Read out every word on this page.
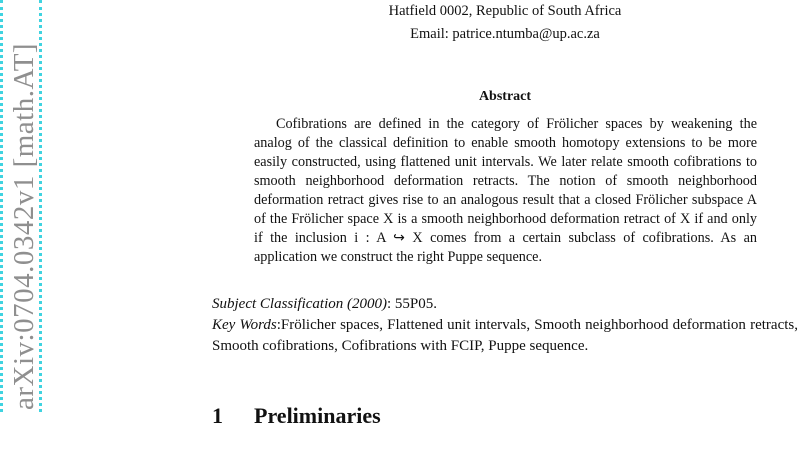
arXiv:0704.0342v1 [math.AT]
Hatfield 0002, Republic of South Africa
Email: patrice.ntumba@up.ac.za
Abstract

Cofibrations are defined in the category of Frölicher spaces by weakening the analog of the classical definition to enable smooth homotopy extensions to be more easily constructed, using flattened unit intervals. We later relate smooth cofibrations to smooth neighborhood deformation retracts. The notion of smooth neighborhood deformation retract gives rise to an analogous result that a closed Frölicher subspace A of the Frölicher space X is a smooth neighborhood deformation retract of X if and only if the inclusion i : A ↪ X comes from a certain subclass of cofibrations. As an application we construct the right Puppe sequence.

Subject Classification (2000): 55P05.

Key Words:Frölicher spaces, Flattened unit intervals, Smooth neighborhood deformation retracts, Smooth cofibrations, Cofibrations with FCIP, Puppe sequence.

1 Preliminaries
